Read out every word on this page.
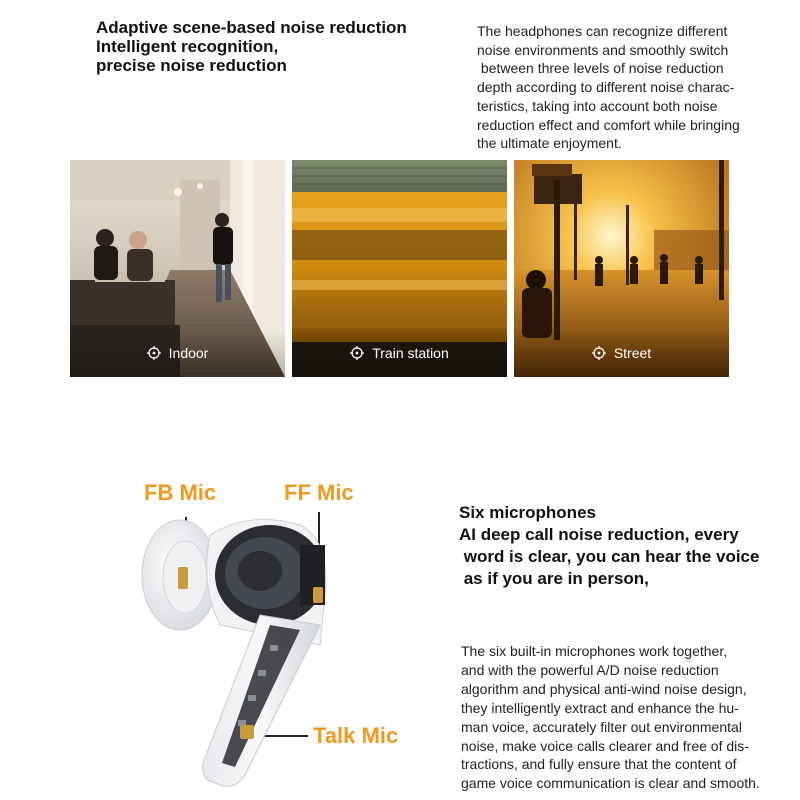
Adaptive scene-based noise reduction
Intelligent recognition,
precise noise reduction
The headphones can recognize different
noise environments and smoothly switch
between three levels of noise reduction
depth according to different noise charac-
teristics, taking into account both noise
reduction effect and comfort while bringing
the ultimate enjoyment.
Indoor	Train station	Street
FB Mic	FF Mic
Talk Mic
Six microphones
AI deep call noise reduction, every
word is clear, you can hear the voice
as if you are in person,
The six built-in microphones work together,
and with the powerful A/D noise reduction
algorithm and physical anti-wind noise design,
they intelligently extract and enhance the hu-
man voice, accurately filter out environmental
noise, make voice calls clearer and free of dis-
tractions, and fully ensure that the content of
game voice communication is clear and smooth.
